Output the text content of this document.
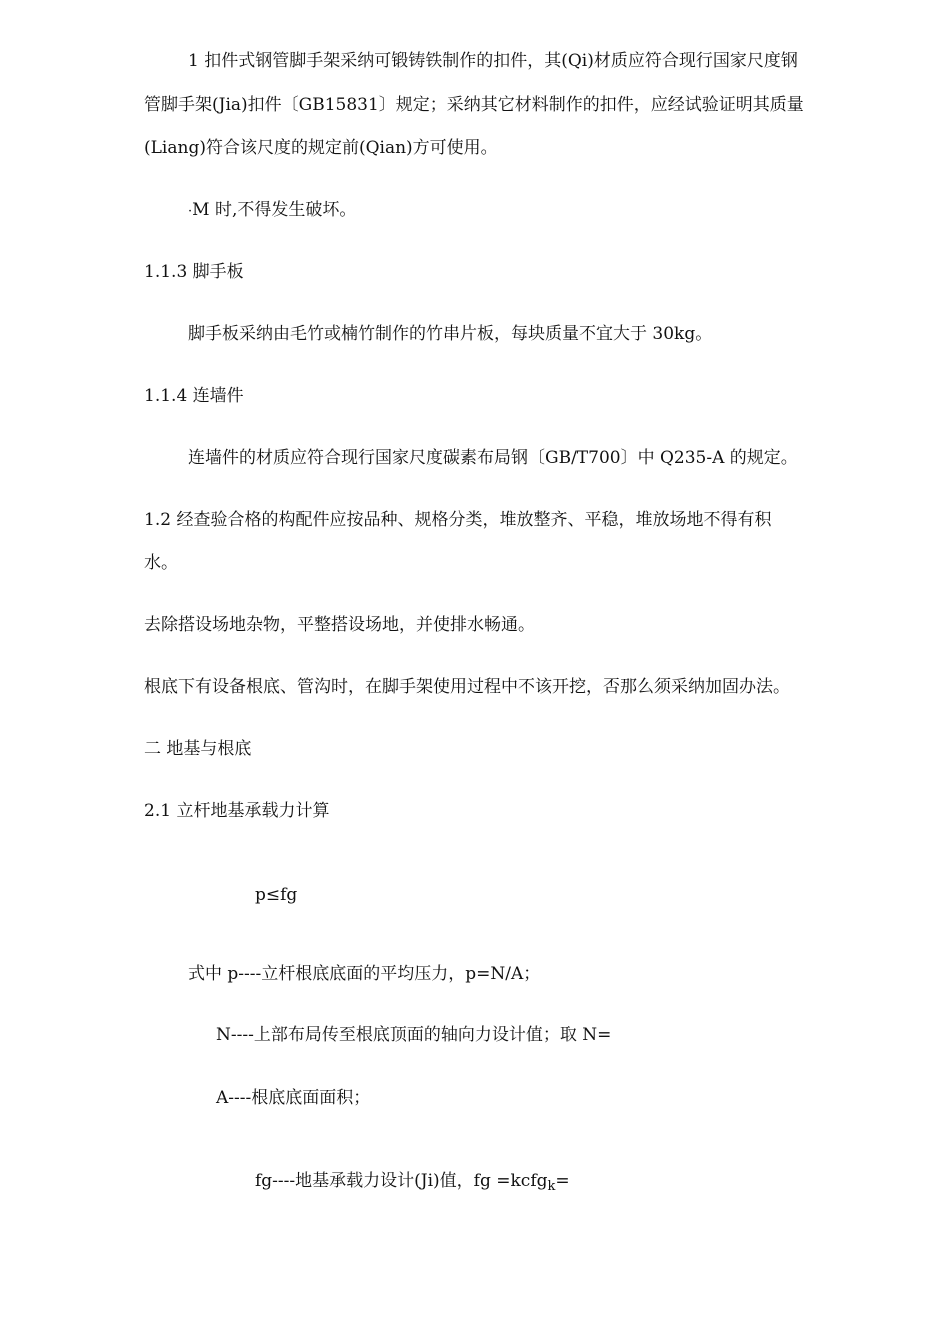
1 扣件式钢管脚手架采纳可锻铸铁制作的扣件，其(Qi)材质应符合现行国家尺度钢
管脚手架(Jia)扣件〔GB15831〕规定；采纳其它材料制作的扣件，应经试验证明其质量
(Liang)符合该尺度的规定前(Qian)方可使用。
·M 时,不得发生破坏。
1.1.3 脚手板
脚手板采纳由毛竹或楠竹制作的竹串片板，每块质量不宜大于 30kg。
1.1.4 连墙件
连墙件的材质应符合现行国家尺度碳素布局钢〔GB/T700〕中 Q235-A 的规定。
1.2 经查验合格的构配件应按品种、规格分类，堆放整齐、平稳，堆放场地不得有积
水。
去除搭设场地杂物，平整搭设场地，并使排水畅通。
根底下有设备根底、管沟时，在脚手架使用过程中不该开挖，否那么须采纳加固办法。
二 地基与根底
2.1 立杆地基承载力计算
p≤fg
式中 p----立杆根底底面的平均压力，p=N/A；
N----上部布局传至根底顶面的轴向力设计值；取 N=
A----根底底面面积；
fg----地基承载力设计(Ji)值，fg =kcfg$_k$=
